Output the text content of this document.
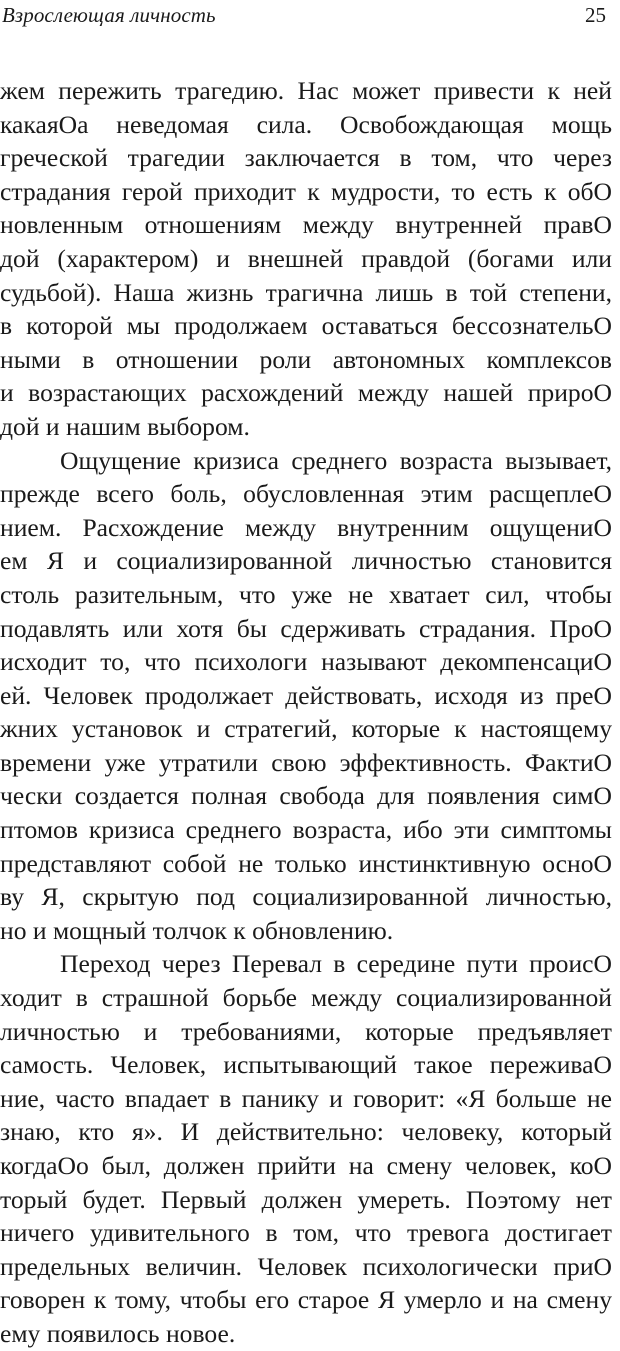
Взрослеющая личность	25
жем пережить трагедию. Нас может привести к ней
какаяОа неведомая сила. Освобождающая мощь
греческой трагедии заключается в том, что через
страдания герой приходит к мудрости, то есть к обО
новленным отношениям между внутренней правО
дой (характером) и внешней правдой (богами или
судьбой). Наша жизнь трагична лишь в той степени,
в которой мы продолжаем оставаться бессознательО
ными в отношении роли автономных комплексов
и возрастающих расхождений между нашей прироО
дой и нашим выбором.
Ощущение кризиса среднего возраста вызывает,
прежде всего боль, обусловленная этим расщеплеО
нием. Расхождение между внутренним ощущениО
ем Я и социализированной личностью становится
столь разительным, что уже не хватает сил, чтобы
подавлять или хотя бы сдерживать страдания. ПроО
исходит то, что психологи называют декомпенсациО
ей. Человек продолжает действовать, исходя из преО
жних установок и стратегий, которые к настоящему
времени уже утратили свою эффективность. ФактиО
чески создается полная свобода для появления симО
птомов кризиса среднего возраста, ибо эти симптомы
представляют собой не только инстинктивную осноО
ву Я, скрытую под социализированной личностью,
но и мощный толчок к обновлению.
Переход через Перевал в середине пути происО
ходит в страшной борьбе между социализированной
личностью и требованиями, которые предъявляет
самость. Человек, испытывающий такое переживаО
ние, часто впадает в панику и говорит: «Я больше не
знаю, кто я». И действительно: человеку, который
когдаОо был, должен прийти на смену человек, коО
торый будет. Первый должен умереть. Поэтому нет
ничего удивительного в том, что тревога достигает
предельных величин. Человек психологически приО
говорен к тому, чтобы его старое Я умерло и на смену
ему появилось новое.
